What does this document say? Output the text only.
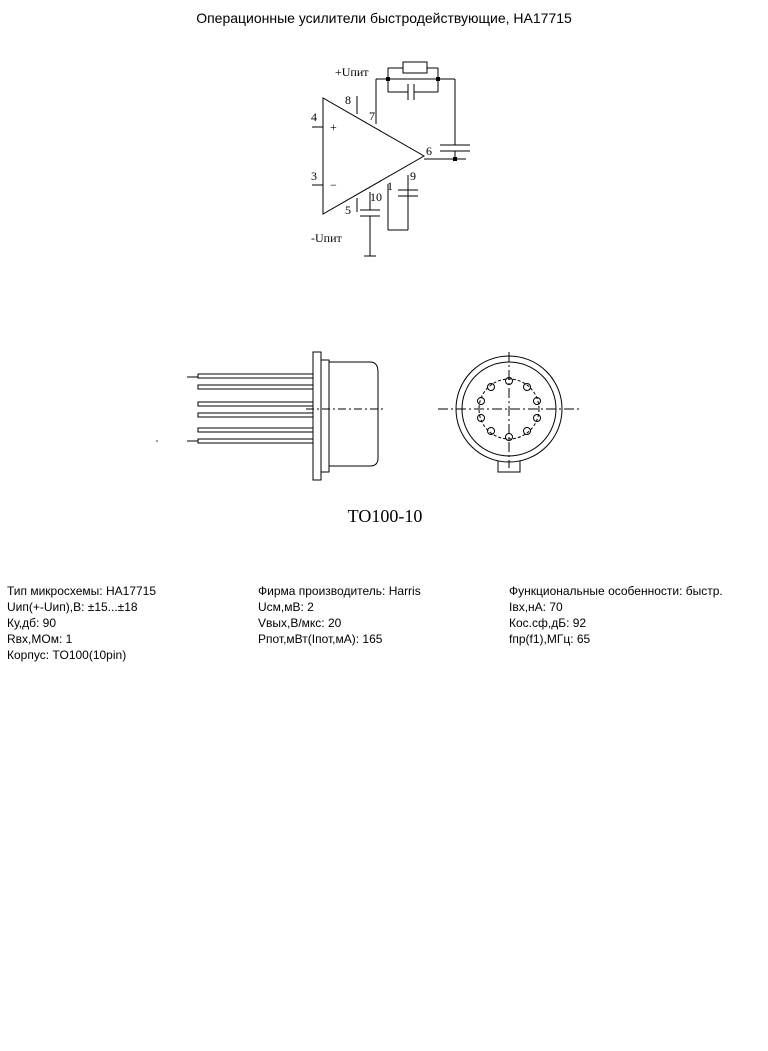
Операционные усилители быстродействующие, HA17715
+Uпит
-Uпит
8
7
4
3
6
5
10
1
9
+
−
TO100-10
Тип микросхемы: HA17715
Uип(+-Uип),В: ±15...±18
Ку,дб: 90
Rвх,МОм: 1
Корпус: TO100(10pin)
Фирма производитель: Harris
Uсм,мВ: 2
Vвых,В/мкс: 20
Pпот,мВт(Iпот,мА): 165
Функциональные особенности: быстр.
Iвх,нА: 70
Кос.сф,дБ: 92
fпр(f1),МГц: 65
